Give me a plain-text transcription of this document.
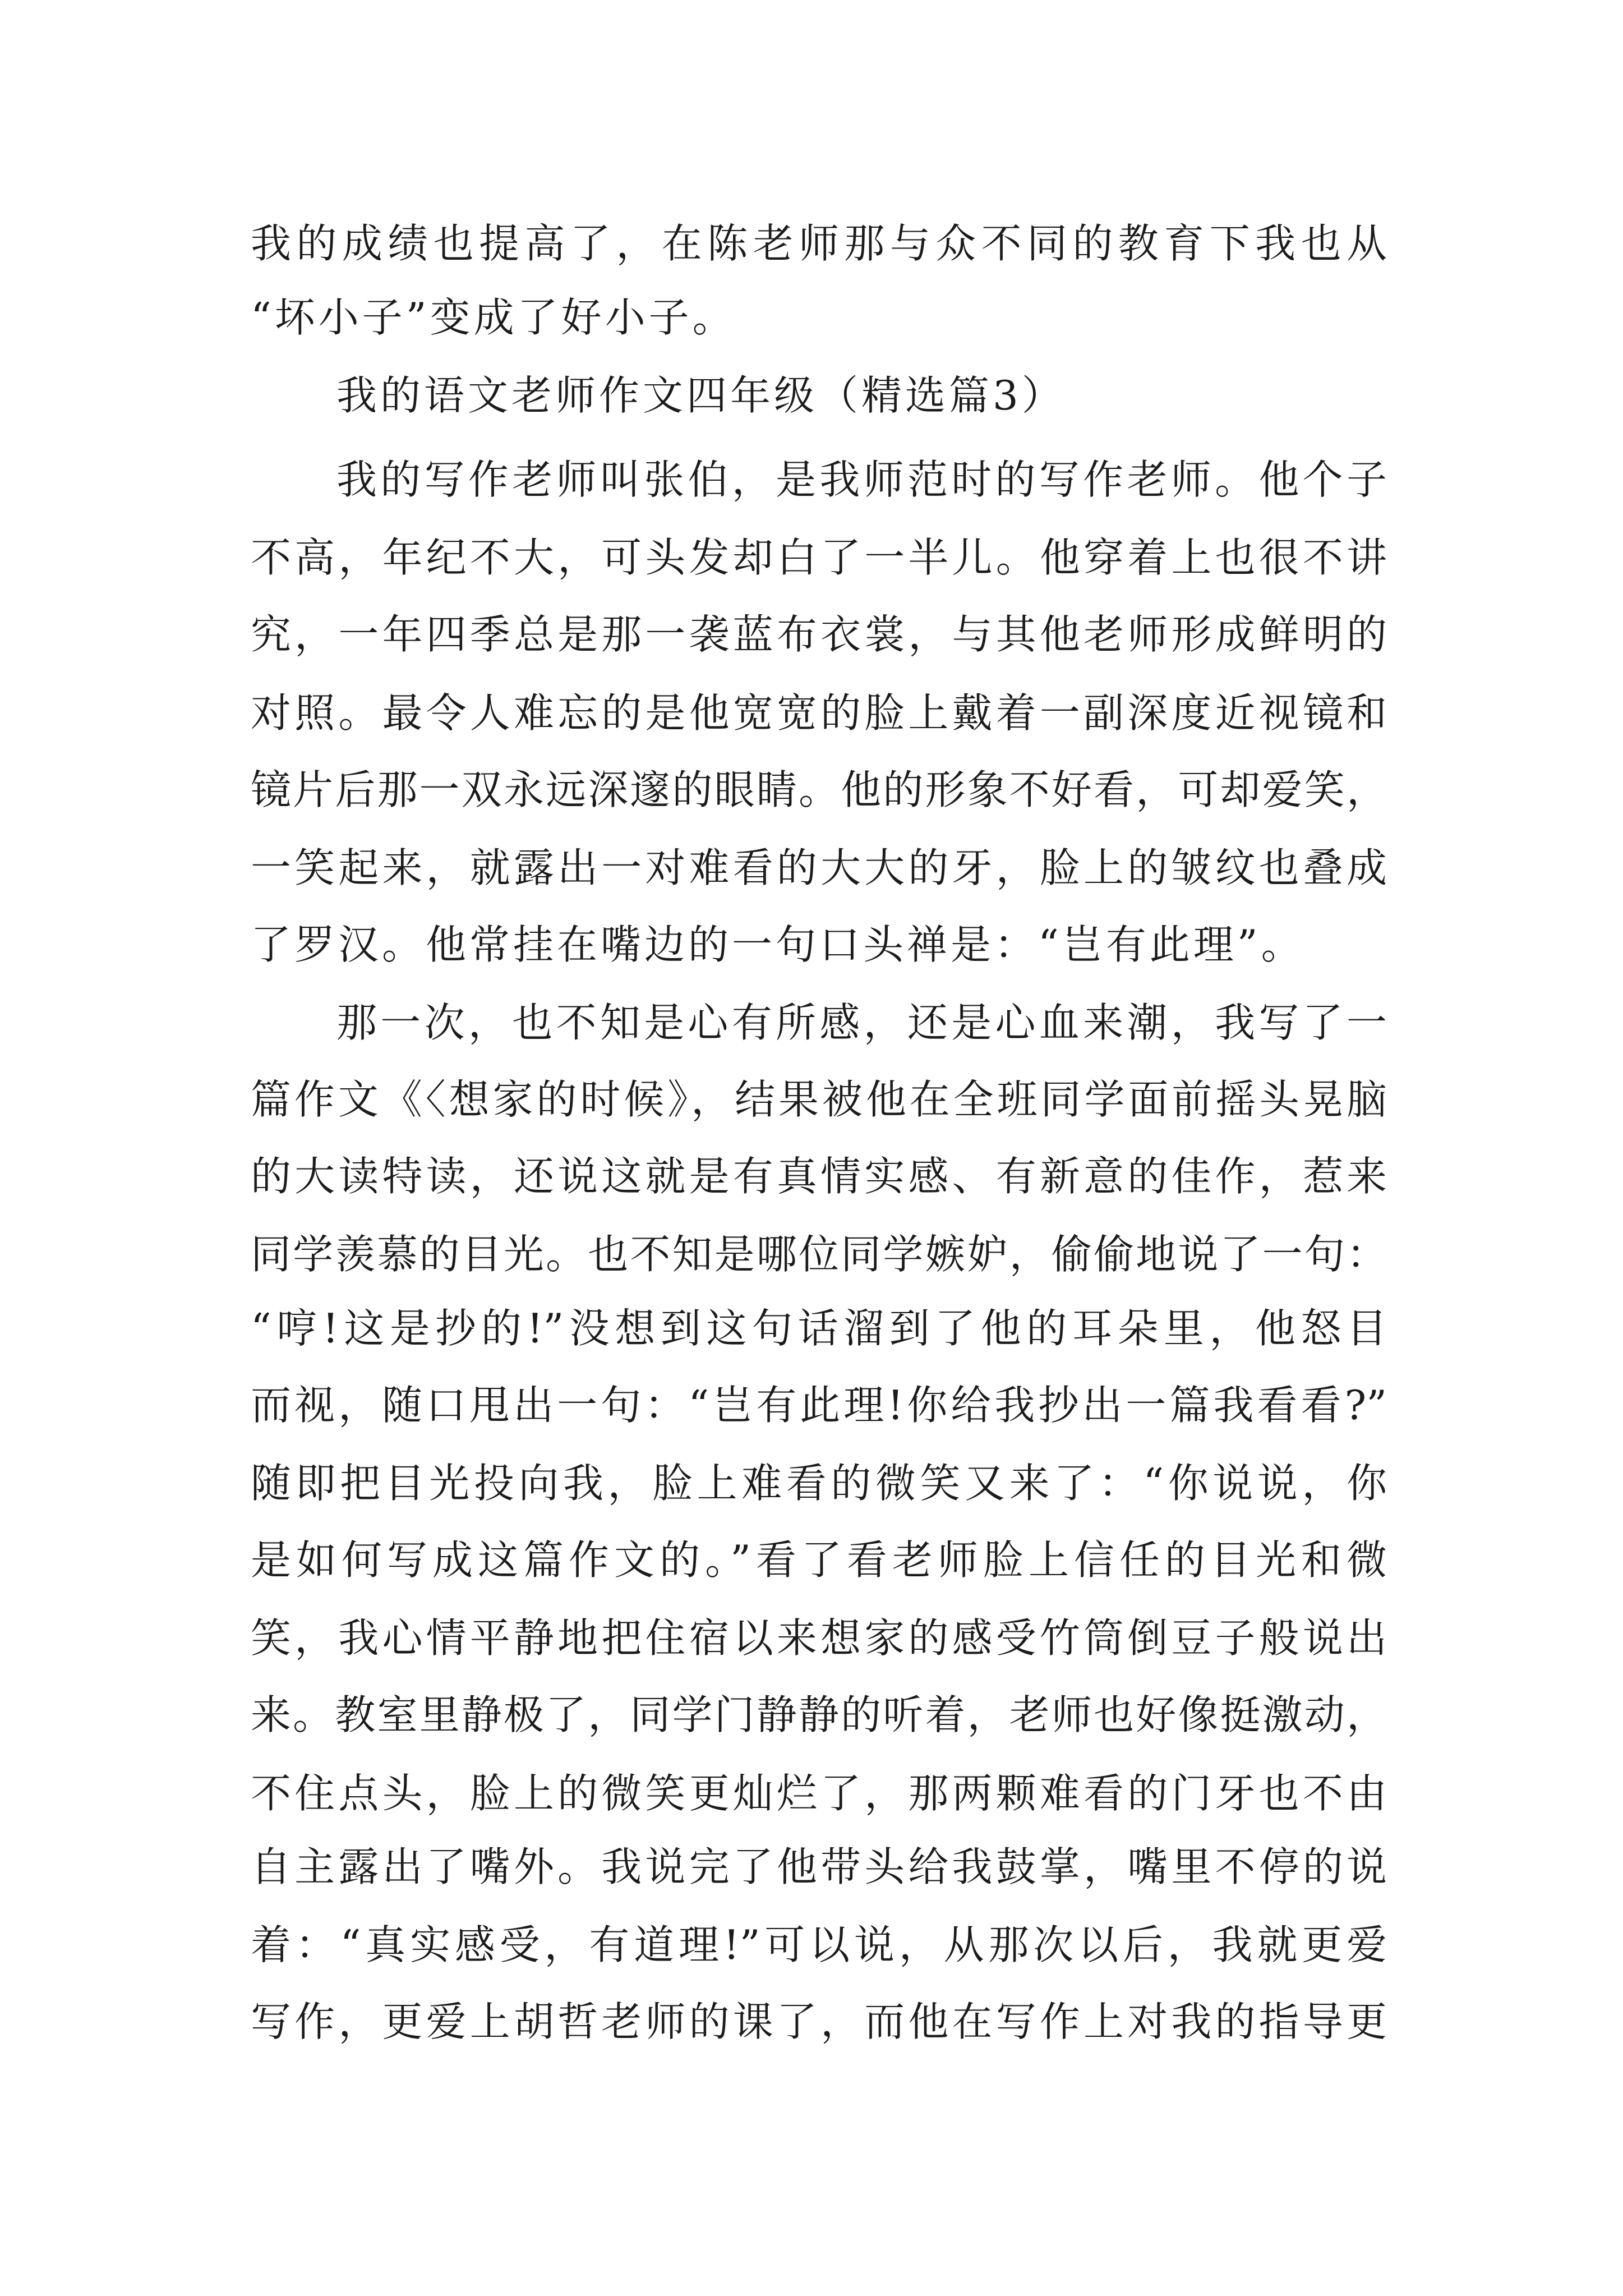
我的成绩也提高了，在陈老师那与众不同的教育下我也从
“坏小子”变成了好小子。
我的语文老师作文四年级（精选篇3）
我的写作老师叫张伯，是我师范时的写作老师。他个子
不高，年纪不大，可头发却白了一半儿。他穿着上也很不讲
究，一年四季总是那一袭蓝布衣裳，与其他老师形成鲜明的
对照。最令人难忘的是他宽宽的脸上戴着一副深度近视镜和
镜片后那一双永远深邃的眼睛。他的形象不好看，可却爱笑，
一笑起来，就露出一对难看的大大的牙，脸上的皱纹也叠成
了罗汉。他常挂在嘴边的一句口头禅是：“岂有此理”。
那一次，也不知是心有所感，还是心血来潮，我写了一
篇作文《〈想家的时候》，结果被他在全班同学面前摇头晃脑
的大读特读，还说这就是有真情实感、有新意的佳作，惹来
同学羡慕的目光。也不知是哪位同学嫉妒，偷偷地说了一句：
“哼!这是抄的!”没想到这句话溜到了他的耳朵里，他怒目
而视，随口甩出一句：“岂有此理!你给我抄出一篇我看看?”
随即把目光投向我，脸上难看的微笑又来了：“你说说，你
是如何写成这篇作文的。”看了看老师脸上信任的目光和微
笑，我心情平静地把住宿以来想家的感受竹筒倒豆子般说出
来。教室里静极了，同学门静静的听着，老师也好像挺激动，
不住点头，脸上的微笑更灿烂了，那两颗难看的门牙也不由
自主露出了嘴外。我说完了他带头给我鼓掌，嘴里不停的说
着：“真实感受，有道理!”可以说，从那次以后，我就更爱
写作，更爱上胡哲老师的课了，而他在写作上对我的指导更
